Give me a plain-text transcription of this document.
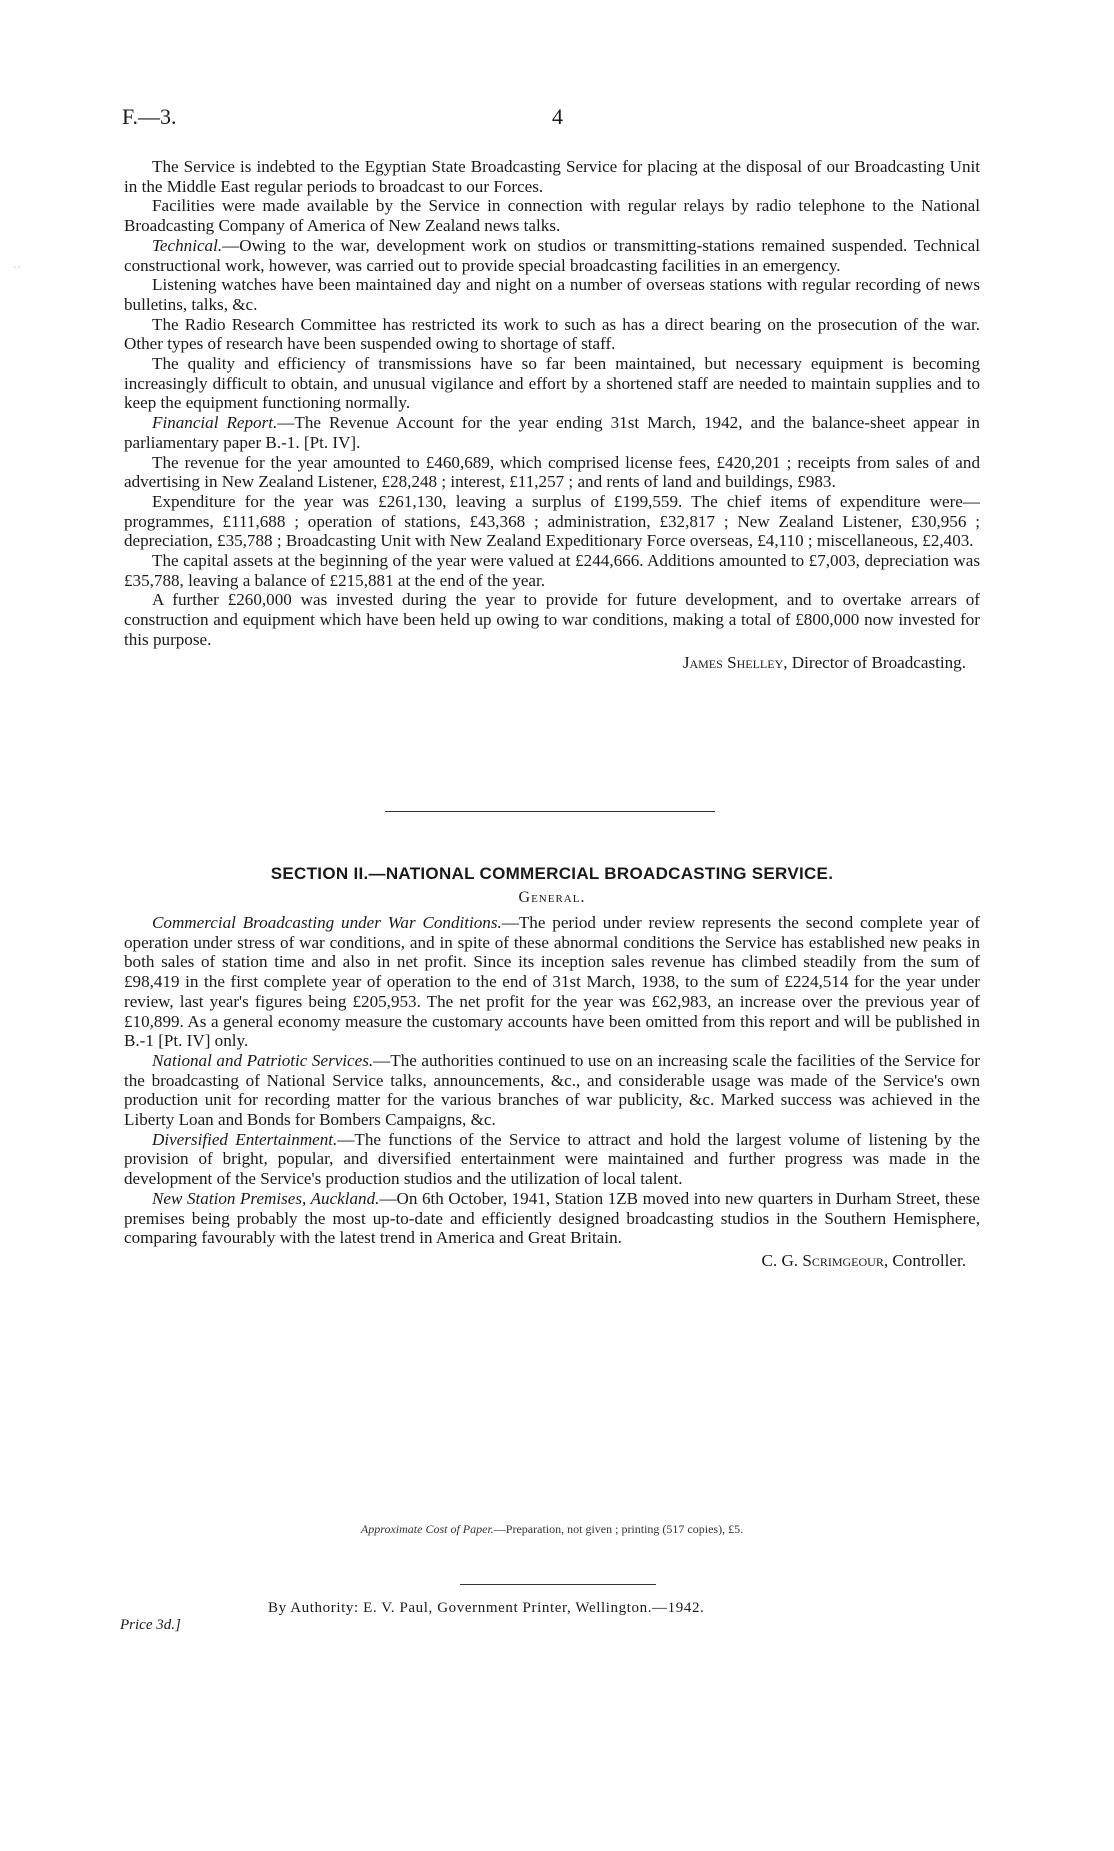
' '
F.—3.	4

The Service is indebted to the Egyptian State Broadcasting Service for placing at the disposal of our Broadcasting Unit in the Middle East regular periods to broadcast to our Forces.

Facilities were made available by the Service in connection with regular relays by radio telephone to the National Broadcasting Company of America of New Zealand news talks.

Technical.—Owing to the war, development work on studios or transmitting-stations remained suspended. Technical constructional work, however, was carried out to provide special broadcasting facilities in an emergency.

Listening watches have been maintained day and night on a number of overseas stations with regular recording of news bulletins, talks, &c.

The Radio Research Committee has restricted its work to such as has a direct bearing on the prosecution of the war. Other types of research have been suspended owing to shortage of staff.

The quality and efficiency of transmissions have so far been maintained, but necessary equipment is becoming increasingly difficult to obtain, and unusual vigilance and effort by a shortened staff are needed to maintain supplies and to keep the equipment functioning normally.

Financial Report.—The Revenue Account for the year ending 31st March, 1942, and the balance-sheet appear in parliamentary paper B.-1. [Pt. IV].

The revenue for the year amounted to £460,689, which comprised license fees, £420,201 ; receipts from sales of and advertising in New Zealand Listener, £28,248 ; interest, £11,257 ; and rents of land and buildings, £983.

Expenditure for the year was £261,130, leaving a surplus of £199,559. The chief items of expenditure were—programmes, £111,688 ; operation of stations, £43,368 ; administration, £32,817 ; New Zealand Listener, £30,956 ; depreciation, £35,788 ; Broadcasting Unit with New Zealand Expeditionary Force overseas, £4,110 ; miscellaneous, £2,403.

The capital assets at the beginning of the year were valued at £244,666. Additions amounted to £7,003, depreciation was £35,788, leaving a balance of £215,881 at the end of the year.

A further £260,000 was invested during the year to provide for future development, and to overtake arrears of construction and equipment which have been held up owing to war conditions, making a total of £800,000 now invested for this purpose.

James Shelley, Director of Broadcasting.

SECTION II.—NATIONAL COMMERCIAL BROADCASTING SERVICE.
General.

Commercial Broadcasting under War Conditions.—The period under review represents the second complete year of operation under stress of war conditions, and in spite of these abnormal conditions the Service has established new peaks in both sales of station time and also in net profit. Since its inception sales revenue has climbed steadily from the sum of £98,419 in the first complete year of operation to the end of 31st March, 1938, to the sum of £224,514 for the year under review, last year's figures being £205,953. The net profit for the year was £62,983, an increase over the previous year of £10,899. As a general economy measure the customary accounts have been omitted from this report and will be published in B.-1 [Pt. IV] only.

National and Patriotic Services.—The authorities continued to use on an increasing scale the facilities of the Service for the broadcasting of National Service talks, announcements, &c., and considerable usage was made of the Service's own production unit for recording matter for the various branches of war publicity, &c. Marked success was achieved in the Liberty Loan and Bonds for Bombers Campaigns, &c.

Diversified Entertainment.—The functions of the Service to attract and hold the largest volume of listening by the provision of bright, popular, and diversified entertainment were maintained and further progress was made in the development of the Service's production studios and the utilization of local talent.

New Station Premises, Auckland.—On 6th October, 1941, Station 1ZB moved into new quarters in Durham Street, these premises being probably the most up-to-date and efficiently designed broadcasting studios in the Southern Hemisphere, comparing favourably with the latest trend in America and Great Britain.

C. G. Scrimgeour, Controller.

Approximate Cost of Paper.—Preparation, not given ; printing (517 copies), £5.
By Authority: E. V. Paul, Government Printer, Wellington.—1942.
Price 3d.]
